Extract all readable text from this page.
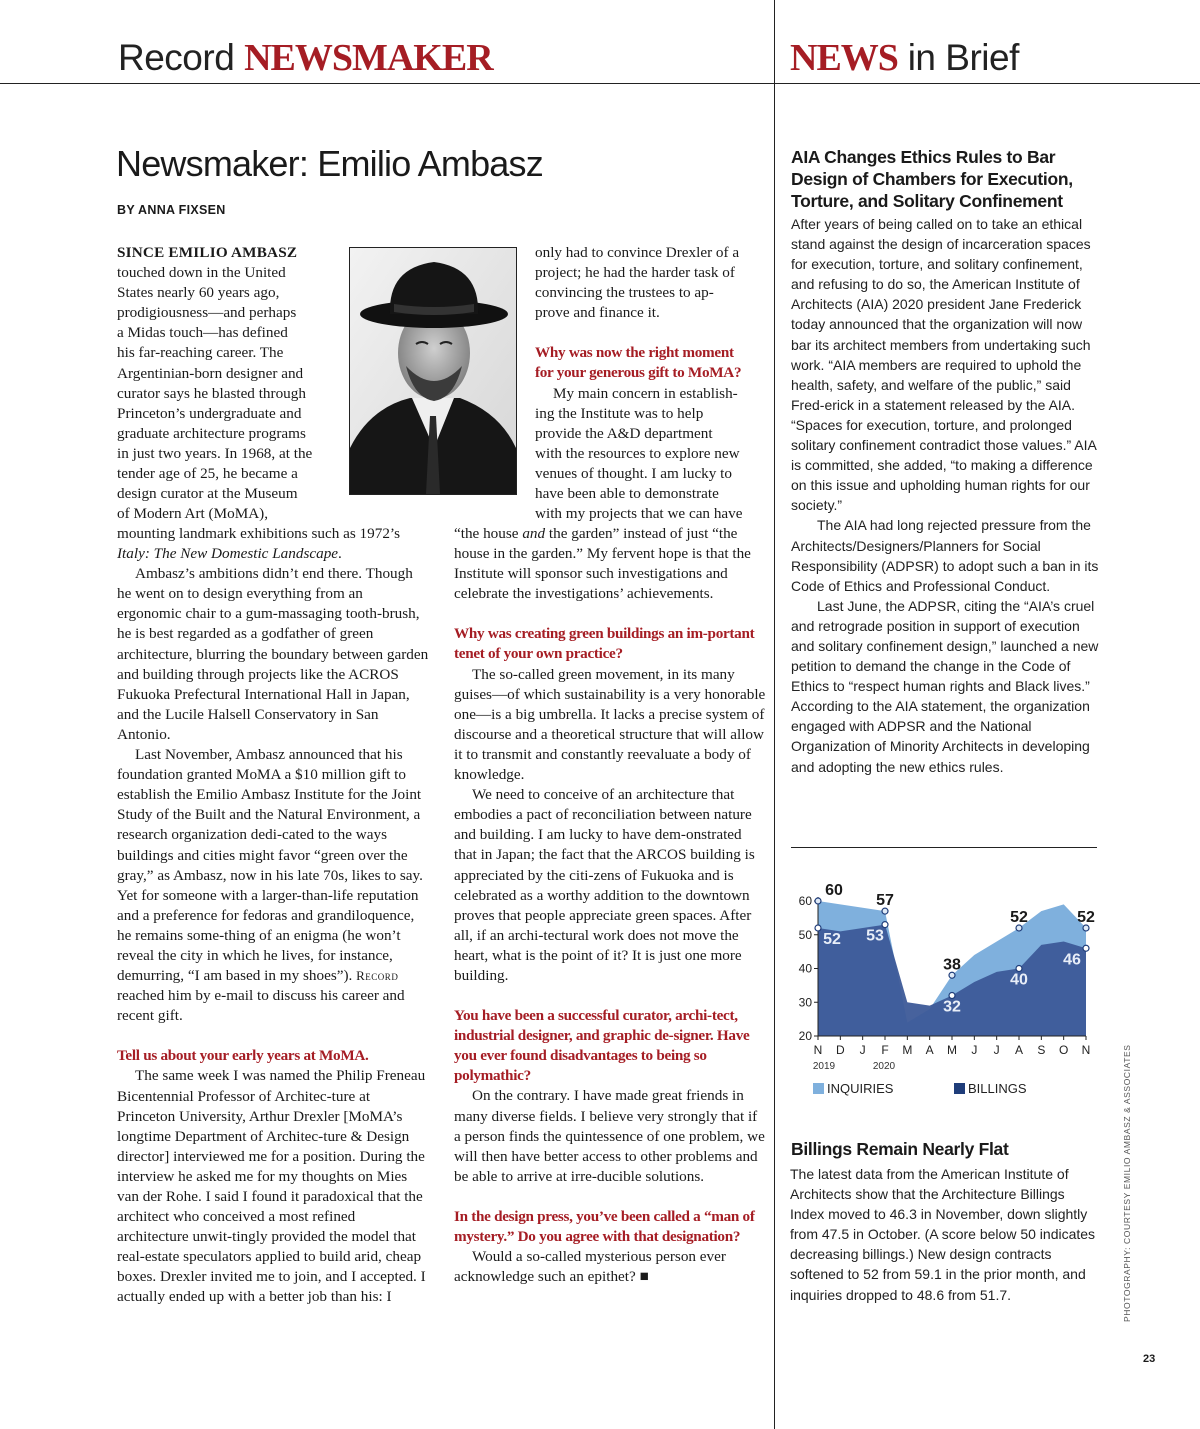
Record NEWSMAKER	NEWS in Brief
Newsmaker: Emilio Ambasz
BY ANNA FIXSEN

SINCE EMILIO AMBASZ
touched down in the United
States nearly 60 years ago,
prodigiousness—and perhaps
a Midas touch—has defined
his far-reaching career. The
Argentinian-born designer and
curator says he blasted through
Princeton’s undergraduate and
graduate architecture programs
in just two years. In 1968, at the
tender age of 25, he became a
design curator at the Museum
of Modern Art (MoMA),

mounting landmark exhibitions such as 1972’s
Italy: The New Domestic Landscape.

Ambasz’s ambitions didn’t end there. Though he went on to design everything from an ergonomic chair to a gum-massaging tooth-brush, he is best regarded as a godfather of green architecture, blurring the boundary between garden and building through projects like the ACROS Fukuoka Prefectural International Hall in Japan, and the Lucile Halsell Conservatory in San Antonio.

Last November, Ambasz announced that his foundation granted MoMA a $10 million gift to establish the Emilio Ambasz Institute for the Joint Study of the Built and the Natural Environment, a research organization dedi-cated to the ways buildings and cities might favor “green over the gray,” as Ambasz, now in his late 70s, likes to say. Yet for someone with a larger-than-life reputation and a preference for fedoras and grandiloquence, he remains some-thing of an enigma (he won’t reveal the city in which he lives, for instance, demurring, “I am based in my shoes”). Record reached him by e-mail to discuss his career and recent gift.

Tell us about your early years at MoMA.

The same week I was named the Philip Freneau Bicentennial Professor of Architec-ture at Princeton University, Arthur Drexler [MoMA’s longtime Department of Architec-ture & Design director] interviewed me for a position. During the interview he asked me for my thoughts on Mies van der Rohe. I said I found it paradoxical that the architect who conceived a most refined architecture unwit-tingly provided the model that real-estate speculators applied to build arid, cheap boxes. Drexler invited me to join, and I accepted. I actually ended up with a better job than his: I

only had to convince Drexler of a
project; he had the harder task of
convincing the trustees to ap-
prove and finance it.

Why was now the right moment
for your generous gift to MoMA?

My main concern in establish-
ing the Institute was to help
provide the A&D department
with the resources to explore new
venues of thought. I am lucky to
have been able to demonstrate
with my projects that we can have

“the house and the garden” instead of just “the house in the garden.” My fervent hope is that the Institute will sponsor such investigations and celebrate the investigations’ achievements.

Why was creating green buildings an im-portant tenet of your own practice?

The so-called green movement, in its many guises—of which sustainability is a very honorable one—is a big umbrella. It lacks a precise system of discourse and a theoretical structure that will allow it to transmit and constantly reevaluate a body of knowledge.

We need to conceive of an architecture that embodies a pact of reconciliation between nature and building. I am lucky to have dem-onstrated that in Japan; the fact that the ARCOS building is appreciated by the citi-zens of Fukuoka and is celebrated as a worthy addition to the downtown proves that people appreciate green spaces. After all, if an archi-tectural work does not move the heart, what is the point of it? It is just one more building.

You have been a successful curator, archi-tect, industrial designer, and graphic de-signer. Have you ever found disadvantages to being so polymathic?

On the contrary. I have made great friends in many diverse fields. I believe very strongly that if a person finds the quintessence of one problem, we will then have better access to other problems and be able to arrive at irre-ducible solutions.

In the design press, you’ve been called a “man of mystery.” Do you agree with that designation?

Would a so-called mysterious person ever acknowledge such an epithet? ■

AIA Changes Ethics Rules to Bar Design of Chambers for Execution, Torture, and Solitary Confinement

After years of being called on to take an ethical stand against the design of incarceration spaces for execution, torture, and solitary confinement, and refusing to do so, the American Institute of Architects (AIA) 2020 president Jane Frederick today announced that the organization will now bar its architect members from undertaking such work. “AIA members are required to uphold the health, safety, and welfare of the public,” said Fred-erick in a statement released by the AIA. “Spaces for execution, torture, and prolonged solitary confinement contradict those values.” AIA is committed, she added, “to making a difference on this issue and upholding human rights for our society.”

The AIA had long rejected pressure from the Architects/Designers/Planners for Social Responsibility (ADPSR) to adopt such a ban in its Code of Ethics and Professional Conduct.

Last June, the ADPSR, citing the “AIA’s cruel and retrograde position in support of execution and solitary confinement design,” launched a new petition to demand the change in the Code of Ethics to “respect human rights and Black lives.” According to the AIA statement, the organization engaged with ADPSR and the National Organization of Minority Architects in developing and adopting the new ethics rules.

20
30
40
50
60
N D J F M A M J J A S O N
2019	2020
60
57
38
52	52
52 53
32
40
46
INQUIRIES	BILLINGS
Billings Remain Nearly Flat
The latest data from the American Institute of Architects show that the Architecture Billings Index moved to 46.3 in November, down slightly from 47.5 in October. (A score below 50 indicates decreasing billings.) New design contracts softened to 52 from 59.1 in the prior month, and inquiries dropped to 48.6 from 51.7.	PHOTOGRAPHY: COURTESY EMILIO AMBASZ & ASSOCIATES
23
